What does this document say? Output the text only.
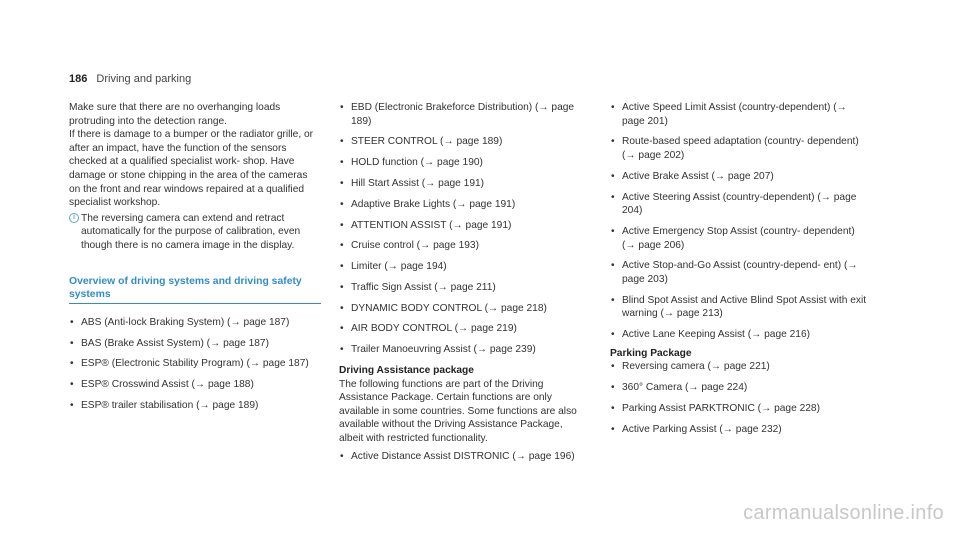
186 Driving and parking

Make sure that there are no overhanging loads protruding into the detection range.

If there is damage to a bumper or the radiator grille, or after an impact, have the function of the sensors checked at a qualified specialist work- shop. Have damage or stone chipping in the area of the cameras on the front and rear windows repaired at a qualified specialist workshop.

i The reversing camera can extend and retract automatically for the purpose of calibration, even though there is no camera image in the display.
Overview of driving systems and driving safety
systems
• ABS (Anti-lock Braking System) (→ page 187)
• BAS (Brake Assist System) (→ page 187)
• ESP® (Electronic Stability Program) (→ page 187)
• ESP® Crosswind Assist (→ page 188)
• ESP® trailer stabilisation (→ page 189)
• EBD (Electronic Brakeforce Distribution) (→ page 189)
• STEER CONTROL (→ page 189)
• HOLD function (→ page 190)
• Hill Start Assist (→ page 191)
• Adaptive Brake Lights (→ page 191)
• ATTENTION ASSIST (→ page 191)
• Cruise control (→ page 193)
• Limiter (→ page 194)
• Traffic Sign Assist (→ page 211)
• DYNAMIC BODY CONTROL (→ page 218)
• AIR BODY CONTROL (→ page 219)
• Trailer Manoeuvring Assist (→ page 239)
Driving Assistance package

The following functions are part of the Driving Assistance Package. Certain functions are only available in some countries. Some functions are also available without the Driving Assistance Package, albeit with restricted functionality.

• Active Distance Assist DISTRONIC (→ page 196)
• Active Speed Limit Assist (country-dependent) (→ page 201)
• Route-based speed adaptation (country- dependent) (→ page 202)
• Active Brake Assist (→ page 207)
• Active Steering Assist (country-dependent) (→ page 204)
• Active Emergency Stop Assist (country- dependent) (→ page 206)
• Active Stop-and-Go Assist (country-depend- ent) (→ page 203)
• Blind Spot Assist and Active Blind Spot Assist with exit warning (→ page 213)
• Active Lane Keeping Assist (→ page 216)
Parking Package
• Reversing camera (→ page 221)
• 360° Camera (→ page 224)
• Parking Assist PARKTRONIC (→ page 228)
• Active Parking Assist (→ page 232)
carmanualsonline.info
